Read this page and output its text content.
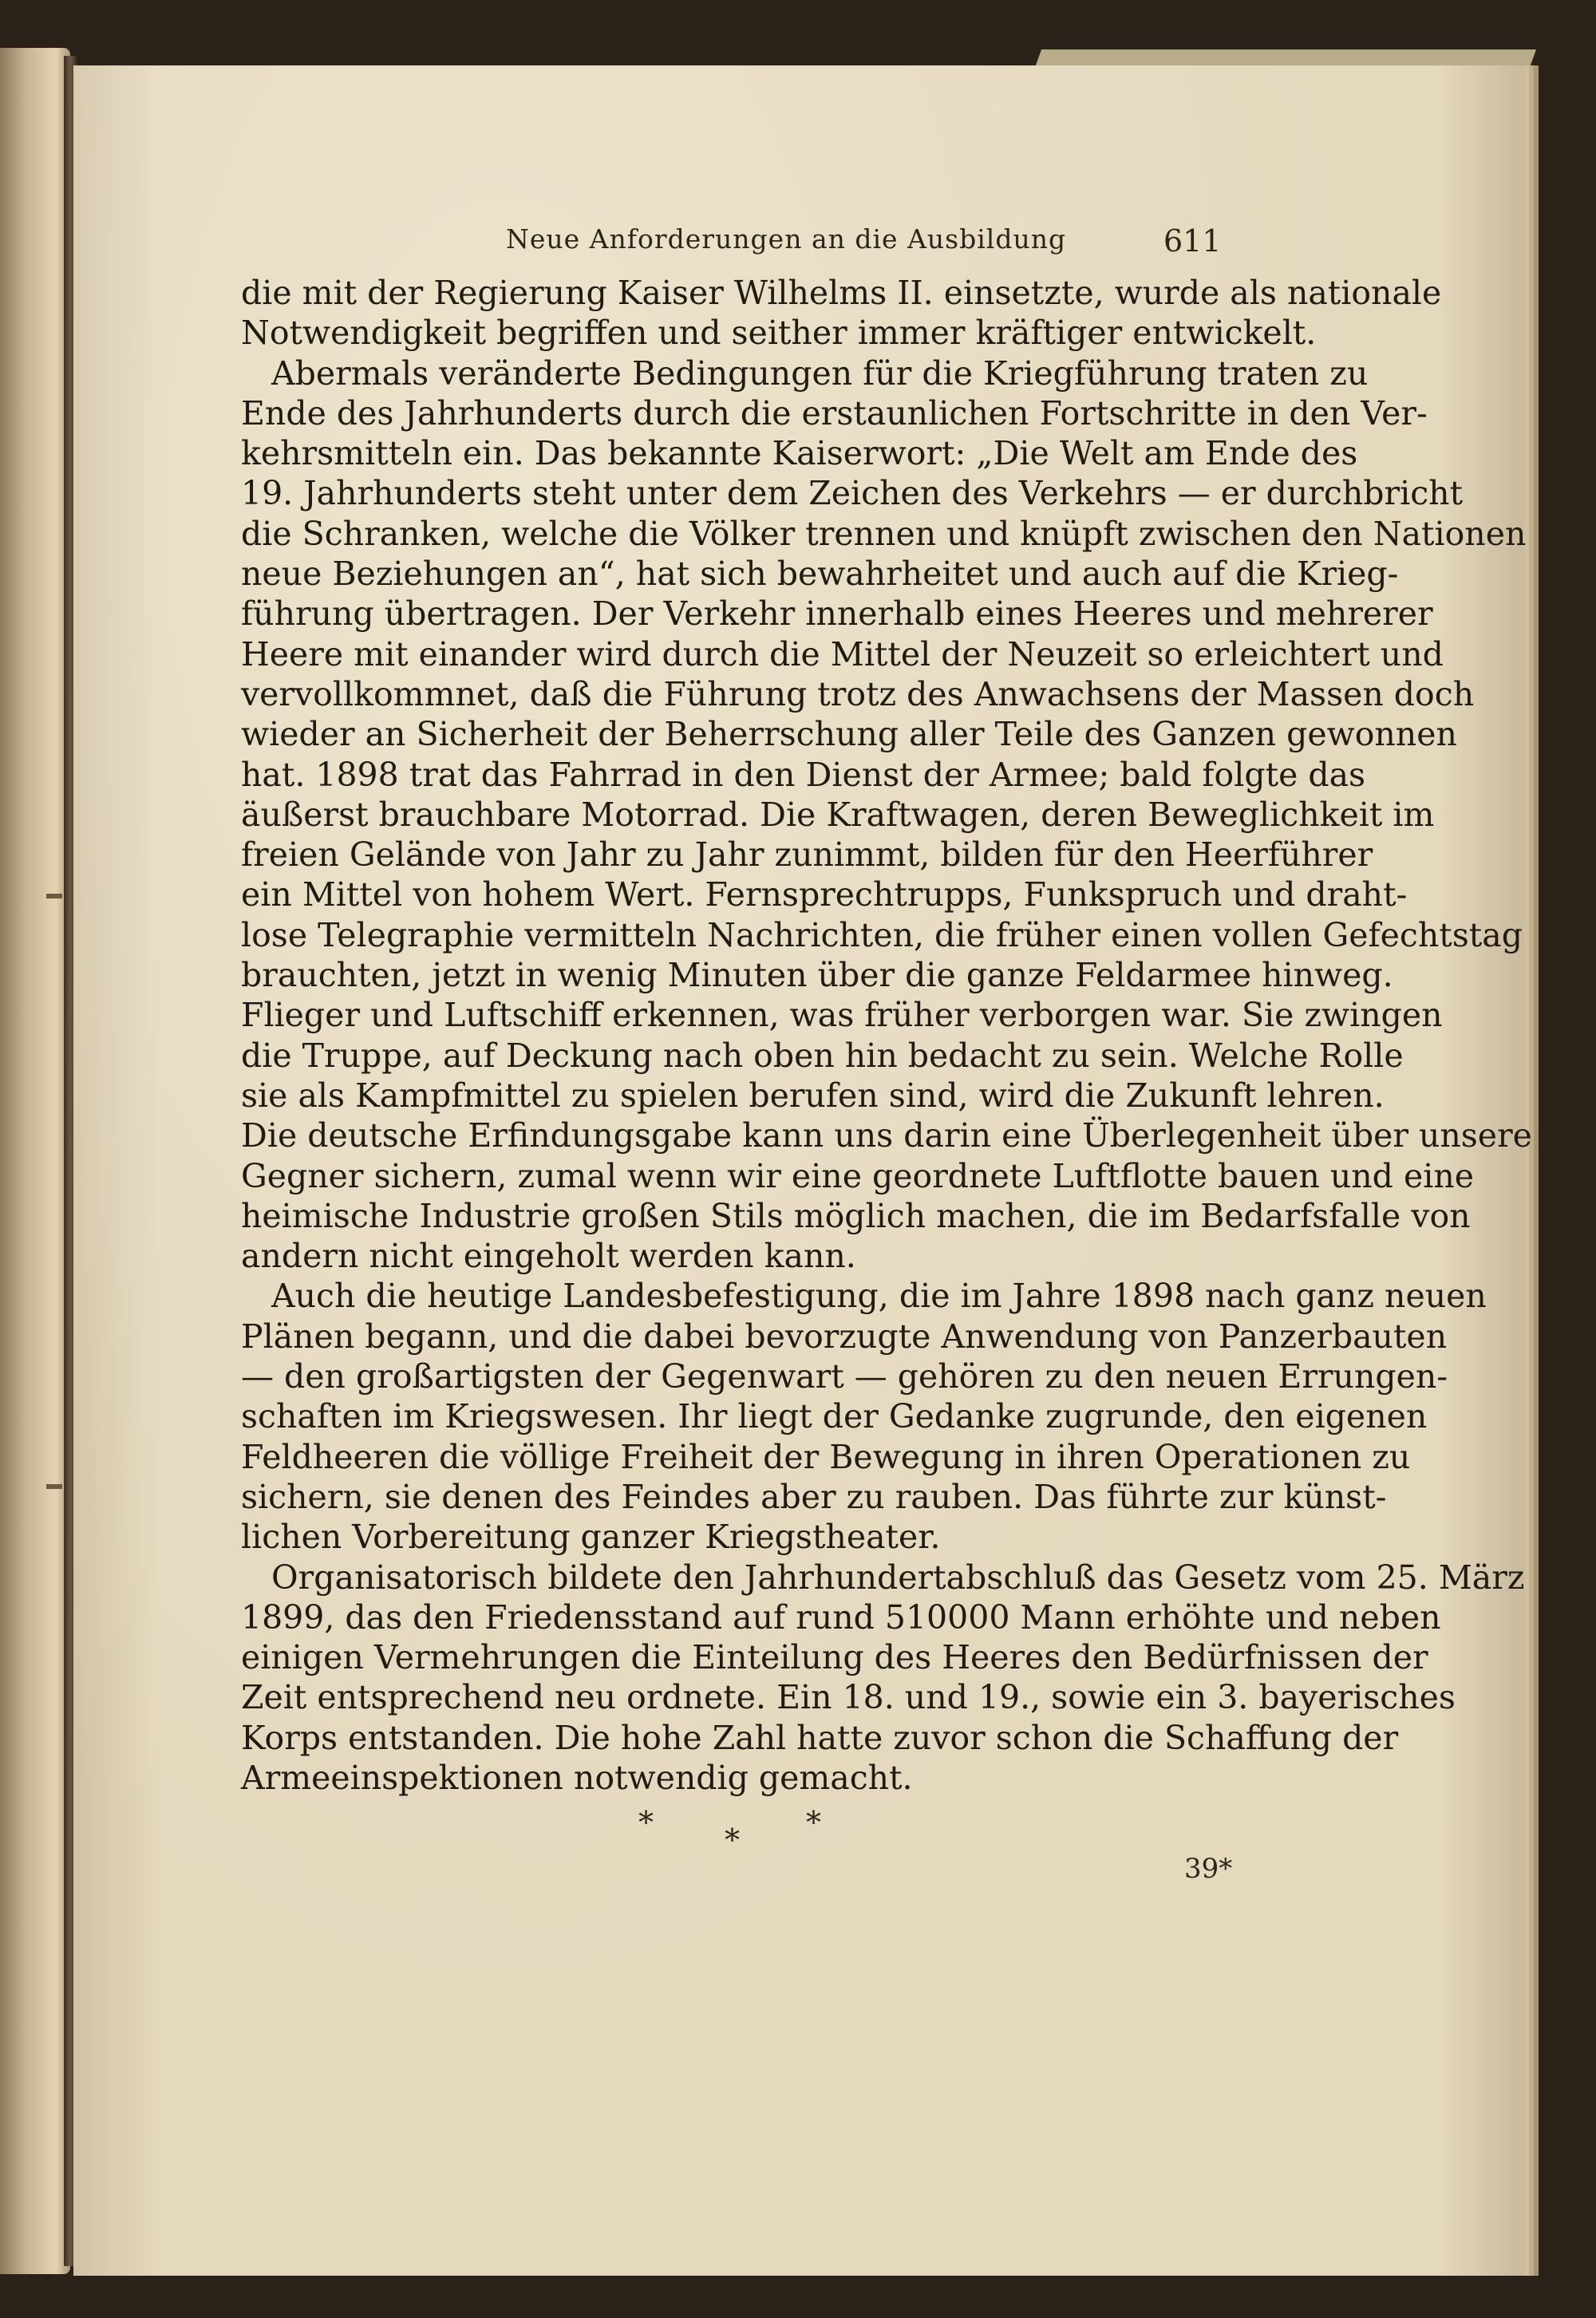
Neue Anforderungen an die Ausbildung	611
die mit der Regierung Kaiser Wilhelms II. einsetzte, wurde als nationale
Notwendigkeit begriffen und seither immer kräftiger entwickelt.
Abermals veränderte Bedingungen für die Kriegführung traten zu
Ende des Jahrhunderts durch die erstaunlichen Fortschritte in den Ver-
kehrsmitteln ein. Das bekannte Kaiserwort: „Die Welt am Ende des
19. Jahrhunderts steht unter dem Zeichen des Verkehrs — er durchbricht
die Schranken, welche die Völker trennen und knüpft zwischen den Nationen
neue Beziehungen an“, hat sich bewahrheitet und auch auf die Krieg-
führung übertragen. Der Verkehr innerhalb eines Heeres und mehrerer
Heere mit einander wird durch die Mittel der Neuzeit so erleichtert und
vervollkommnet, daß die Führung trotz des Anwachsens der Massen doch
wieder an Sicherheit der Beherrschung aller Teile des Ganzen gewonnen
hat. 1898 trat das Fahrrad in den Dienst der Armee; bald folgte das
äußerst brauchbare Motorrad. Die Kraftwagen, deren Beweglichkeit im
freien Gelände von Jahr zu Jahr zunimmt, bilden für den Heerführer
ein Mittel von hohem Wert. Fernsprechtrupps, Funkspruch und draht-
lose Telegraphie vermitteln Nachrichten, die früher einen vollen Gefechtstag
brauchten, jetzt in wenig Minuten über die ganze Feldarmee hinweg.
Flieger und Luftschiff erkennen, was früher verborgen war. Sie zwingen
die Truppe, auf Deckung nach oben hin bedacht zu sein. Welche Rolle
sie als Kampfmittel zu spielen berufen sind, wird die Zukunft lehren.
Die deutsche Erfindungsgabe kann uns darin eine Überlegenheit über unsere
Gegner sichern, zumal wenn wir eine geordnete Luftflotte bauen und eine
heimische Industrie großen Stils möglich machen, die im Bedarfsfalle von
andern nicht eingeholt werden kann.
Auch die heutige Landesbefestigung, die im Jahre 1898 nach ganz neuen
Plänen begann, und die dabei bevorzugte Anwendung von Panzerbauten
— den großartigsten der Gegenwart — gehören zu den neuen Errungen-
schaften im Kriegswesen. Ihr liegt der Gedanke zugrunde, den eigenen
Feldheeren die völlige Freiheit der Bewegung in ihren Operationen zu
sichern, sie denen des Feindes aber zu rauben. Das führte zur künst-
lichen Vorbereitung ganzer Kriegstheater.
Organisatorisch bildete den Jahrhundertabschluß das Gesetz vom 25. März
1899, das den Friedensstand auf rund 510000 Mann erhöhte und neben
einigen Vermehrungen die Einteilung des Heeres den Bedürfnissen der
Zeit entsprechend neu ordnete. Ein 18. und 19., sowie ein 3. bayerisches
Korps entstanden. Die hohe Zahl hatte zuvor schon die Schaffung der
Armeeinspektionen notwendig gemacht.
* * *
39*
